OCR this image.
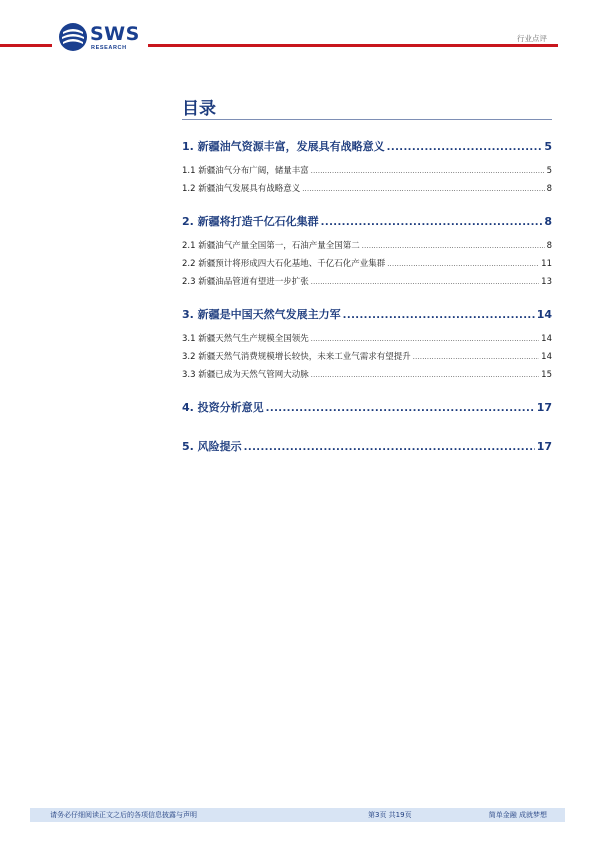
SWS
RESEARCH
行业点评
目录
1. 新疆油气资源丰富，发展具有战略意义 .....	5
1.1 新疆油气分布广阔，储量丰富 .....	5
1.2 新疆油气发展具有战略意义 .....	8
2. 新疆将打造千亿石化集群 .....	8
2.1 新疆油气产量全国第一，石油产量全国第二 .....	8
2.2 新疆预计将形成四大石化基地、千亿石化产业集群 .....	11
2.3 新疆油品管道有望进一步扩张 .....	13
3. 新疆是中国天然气发展主力军 .....	14
3.1 新疆天然气生产规模全国领先 .....	14
3.2 新疆天然气消费规模增长较快，未来工业气需求有望提升 .....	14
3.3 新疆已成为天然气管网大动脉 .....	15
4. 投资分析意见 .....	17
5. 风险提示 .....	17
请务必仔细阅读正文之后的各项信息披露与声明	第3页 共19页	简单金融 成就梦想
